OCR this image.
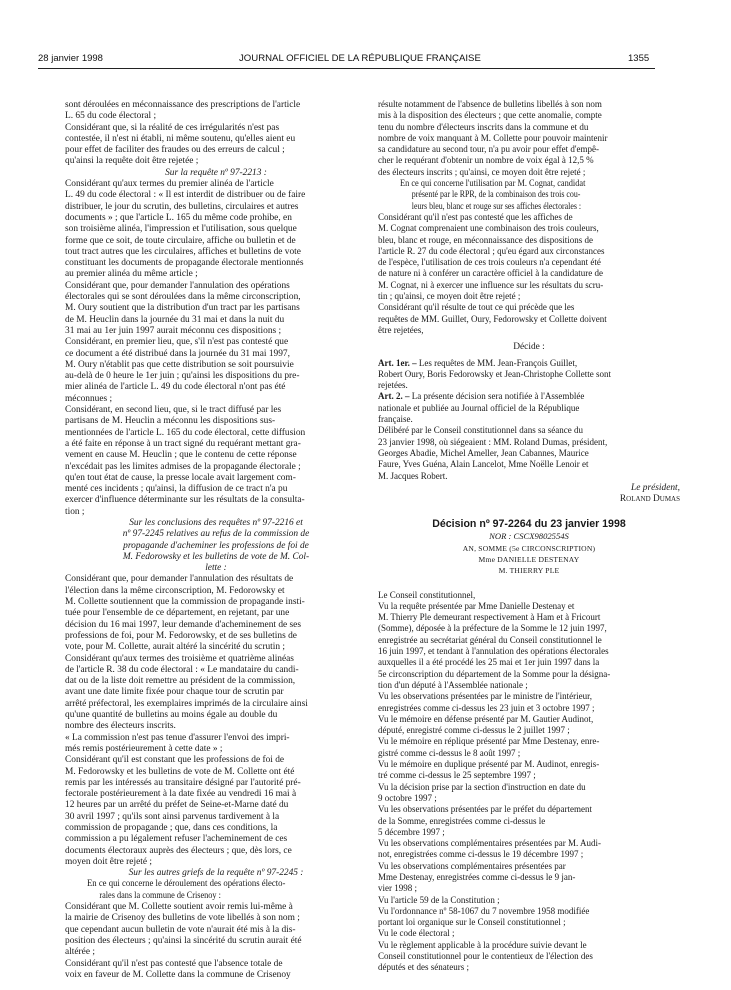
28 janvier 1998	JOURNAL OFFICIEL DE LA RÉPUBLIQUE FRANÇAISE	1355
sont déroulées en méconnaissance des prescriptions de l'article
L. 65 du code électoral ;
Considérant que, si la réalité de ces irrégularités n'est pas
contestée, il n'est ni établi, ni même soutenu, qu'elles aient eu
pour effet de faciliter des fraudes ou des erreurs de calcul ;
qu'ainsi la requête doit être rejetée ;
Sur la requête nº 97-2213 :
Considérant qu'aux termes du premier alinéa de l'article
L. 49 du code électoral : « Il est interdit de distribuer ou de faire
distribuer, le jour du scrutin, des bulletins, circulaires et autres
documents » ; que l'article L. 165 du même code prohibe, en
son troisième alinéa, l'impression et l'utilisation, sous quelque
forme que ce soit, de toute circulaire, affiche ou bulletin et de
tout tract autres que les circulaires, affiches et bulletins de vote
constituant les documents de propagande électorale mentionnés
au premier alinéa du même article ;
Considérant que, pour demander l'annulation des opérations
électorales qui se sont déroulées dans la même circonscription,
M. Oury soutient que la distribution d'un tract par les partisans
de M. Heuclin dans la journée du 31 mai et dans la nuit du
31 mai au 1er juin 1997 aurait méconnu ces dispositions ;
Considérant, en premier lieu, que, s'il n'est pas contesté que
ce document a été distribué dans la journée du 31 mai 1997,
M. Oury n'établit pas que cette distribution se soit poursuivie
au-delà de 0 heure le 1er juin ; qu'ainsi les dispositions du pre-
mier alinéa de l'article L. 49 du code électoral n'ont pas été
méconnues ;
Considérant, en second lieu, que, si le tract diffusé par les
partisans de M. Heuclin a méconnu les dispositions sus-
mentionnées de l'article L. 165 du code électoral, cette diffusion
a été faite en réponse à un tract signé du requérant mettant gra-
vement en cause M. Heuclin ; que le contenu de cette réponse
n'excédait pas les limites admises de la propagande électorale ;
qu'en tout état de cause, la presse locale avait largement com-
menté ces incidents ; qu'ainsi, la diffusion de ce tract n'a pu
exercer d'influence déterminante sur les résultats de la consulta-
tion ;
Sur les conclusions des requêtes nº 97-2216 et
nº 97-2245 relatives au refus de la commission de
propagande d'acheminer les professions de foi de
M. Fedorowsky et les bulletins de vote de M. Col-
lette :
Considérant que, pour demander l'annulation des résultats de
l'élection dans la même circonscription, M. Fedorowsky et
M. Collette soutiennent que la commission de propagande insti-
tuée pour l'ensemble de ce département, en rejetant, par une
décision du 16 mai 1997, leur demande d'acheminement de ses
professions de foi, pour M. Fedorowsky, et de ses bulletins de
vote, pour M. Collette, aurait altéré la sincérité du scrutin ;
Considérant qu'aux termes des troisième et quatrième alinéas
de l'article R. 38 du code électoral : « Le mandataire du candi-
dat ou de la liste doit remettre au président de la commission,
avant une date limite fixée pour chaque tour de scrutin par
arrêté préfectoral, les exemplaires imprimés de la circulaire ainsi
qu'une quantité de bulletins au moins égale au double du
nombre des électeurs inscrits.
« La commission n'est pas tenue d'assurer l'envoi des impri-
més remis postérieurement à cette date » ;
Considérant qu'il est constant que les professions de foi de
M. Fedorowsky et les bulletins de vote de M. Collette ont été
remis par les intéressés au transitaire désigné par l'autorité pré-
fectorale postérieurement à la date fixée au vendredi 16 mai à
12 heures par un arrêté du préfet de Seine-et-Marne daté du
30 avril 1997 ; qu'ils sont ainsi parvenus tardivement à la
commission de propagande ; que, dans ces conditions, la
commission a pu légalement refuser l'acheminement de ces
documents électoraux auprès des électeurs ; que, dès lors, ce
moyen doit être rejeté ;
Sur les autres griefs de la requête nº 97-2245 :
En ce qui concerne le déroulement des opérations électo-
rales dans la commune de Crisenoy :
Considérant que M. Collette soutient avoir remis lui-même à
la mairie de Crisenoy des bulletins de vote libellés à son nom ;
que cependant aucun bulletin de vote n'aurait été mis à la dis-
position des électeurs ; qu'ainsi la sincérité du scrutin aurait été
altérée ;
Considérant qu'il n'est pas contesté que l'absence totale de
voix en faveur de M. Collette dans la commune de Crisenoy
résulte notamment de l'absence de bulletins libellés à son nom
mis à la disposition des électeurs ; que cette anomalie, compte
tenu du nombre d'électeurs inscrits dans la commune et du
nombre de voix manquant à M. Collette pour pouvoir maintenir
sa candidature au second tour, n'a pu avoir pour effet d'empê-
cher le requérant d'obtenir un nombre de voix égal à 12,5 %
des électeurs inscrits ; qu'ainsi, ce moyen doit être rejeté ;
En ce qui concerne l'utilisation par M. Cognat, candidat
présenté par le RPR, de la combinaison des trois cou-
leurs bleu, blanc et rouge sur ses affiches électorales :
Considérant qu'il n'est pas contesté que les affiches de
M. Cognat comprenaient une combinaison des trois couleurs,
bleu, blanc et rouge, en méconnaissance des dispositions de
l'article R. 27 du code électoral ; qu'eu égard aux circonstances
de l'espèce, l'utilisation de ces trois couleurs n'a cependant été
de nature ni à conférer un caractère officiel à la candidature de
M. Cognat, ni à exercer une influence sur les résultats du scru-
tin ; qu'ainsi, ce moyen doit être rejeté ;
Considérant qu'il résulte de tout ce qui précède que les
requêtes de MM. Guillet, Oury, Fedorowsky et Collette doivent
être rejetées,
Décide :
Art. 1er. – Les requêtes de MM. Jean-François Guillet,
Robert Oury, Boris Fedorowsky et Jean-Christophe Collette sont
rejetées.
Art. 2. – La présente décision sera notifiée à l'Assemblée
nationale et publiée au Journal officiel de la République
française.
Délibéré par le Conseil constitutionnel dans sa séance du
23 janvier 1998, où siégeaient : MM. Roland Dumas, président,
Georges Abadie, Michel Ameller, Jean Cabannes, Maurice
Faure, Yves Guéna, Alain Lancelot, Mme Noëlle Lenoir et
M. Jacques Robert.
Le président,
Roland Dumas
Décision nº 97-2264 du 23 janvier 1998
NOR : CSCX9802554S
AN, SOMME (5e CIRCONSCRIPTION)
Mme DANIELLE DESTENAY
M. THIERRY PLE
Le Conseil constitutionnel,
Vu la requête présentée par Mme Danielle Destenay et
M. Thierry Ple demeurant respectivement à Ham et à Fricourt
(Somme), déposée à la préfecture de la Somme le 12 juin 1997,
enregistrée au secrétariat général du Conseil constitutionnel le
16 juin 1997, et tendant à l'annulation des opérations électorales
auxquelles il a été procédé les 25 mai et 1er juin 1997 dans la
5e circonscription du département de la Somme pour la désigna-
tion d'un député à l'Assemblée nationale ;
Vu les observations présentées par le ministre de l'intérieur,
enregistrées comme ci-dessus les 23 juin et 3 octobre 1997 ;
Vu le mémoire en défense présenté par M. Gautier Audinot,
député, enregistré comme ci-dessus le 2 juillet 1997 ;
Vu le mémoire en réplique présenté par Mme Destenay, enre-
gistré comme ci-dessus le 8 août 1997 ;
Vu le mémoire en duplique présenté par M. Audinot, enregis-
tré comme ci-dessus le 25 septembre 1997 ;
Vu la décision prise par la section d'instruction en date du
9 octobre 1997 ;
Vu les observations présentées par le préfet du département
de la Somme, enregistrées comme ci-dessus le
5 décembre 1997 ;
Vu les observations complémentaires présentées par M. Audi-
not, enregistrées comme ci-dessus le 19 décembre 1997 ;
Vu les observations complémentaires présentées par
Mme Destenay, enregistrées comme ci-dessus le 9 jan-
vier 1998 ;
Vu l'article 59 de la Constitution ;
Vu l'ordonnance nº 58-1067 du 7 novembre 1958 modifiée
portant loi organique sur le Conseil constitutionnel ;
Vu le code électoral ;
Vu le règlement applicable à la procédure suivie devant le
Conseil constitutionnel pour le contentieux de l'élection des
députés et des sénateurs ;
